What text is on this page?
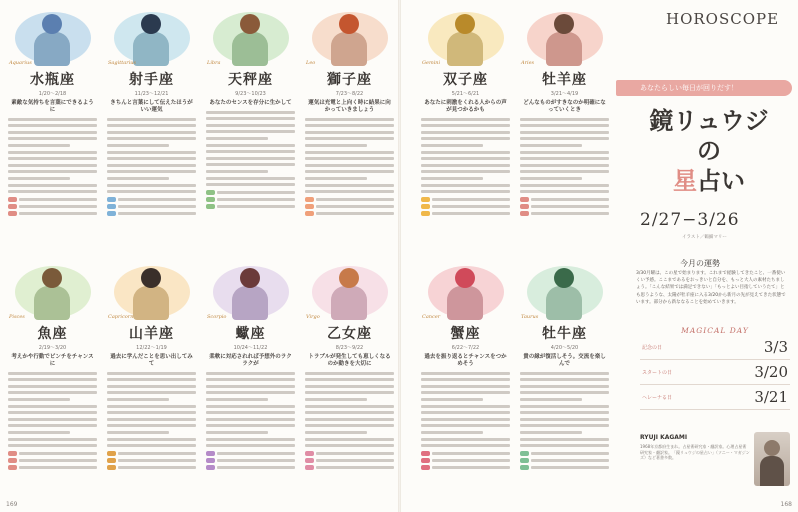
Aquarius
水瓶座
1/20〜2/18
素敵な気持ちを言葉にできるように

Sagittarius
射手座
11/23〜12/21
きちんと言葉にして伝えたほうがいい運気

Libra
天秤座
9/23〜10/23
あなたのセンスを存分に生かして

Leo
獅子座
7/23〜8/22
運気は充電と上向く時に結果に向かっていきましょう

Gemini
双子座
5/21〜6/21
あなたに刺激をくれる人からの声が見つかるかも

Aries
牡羊座
3/21〜4/19
どんなものがすきなのか明確になっていくとき

Pisces
魚座
2/19〜3/20
考えかや行動でピンチをチャンスに

Capricorn
山羊座
12/22〜1/19
過去に学んだことを思い出してみて

Scorpio
蠍座
10/24〜11/22
柔軟に対応されれば予想外のラクラクが

Virgo
乙女座
8/23〜9/22
トラブルが発生しても恵しくなるのか動きを大切に

Cancer
蟹座
6/22〜7/22
過去を振り返るとチャンスをつかめそう

Taurus
牡牛座
4/20〜5/20
貴の縁が復活しそう。交流を楽しんで

HOROSCOPE
あなたらしい毎日が回りだす！
鏡リュウジ
の
星占い
2/27−3/26
イラスト／鶴細マリー
今月の運勢
3/30月曜は、この星で始まります。これまで経験してきたこと、一番使いくい予感。ここまであるをおっきいと自分を、もっと大人の素材たちましょう。「こんな結果では満足できない」「もっとよい目指していうたて」とも思うような、太陽が牡羊座に入る3/20から新月の先が見えてきた状態でいます。部分から新ななることを始めていきます。
MAGICAL DAY
記念の日	3/3
スタートの日	3/20
ヘレーナる日	3/21
RYUJI KAGAMI
1968年京都府生まれ。占星術研究家・翻訳家。心理占星術研究家・翻訳家。「鏡リュウジの星占い」（ソニー・マガジンズ）など著書多数。
169	168
